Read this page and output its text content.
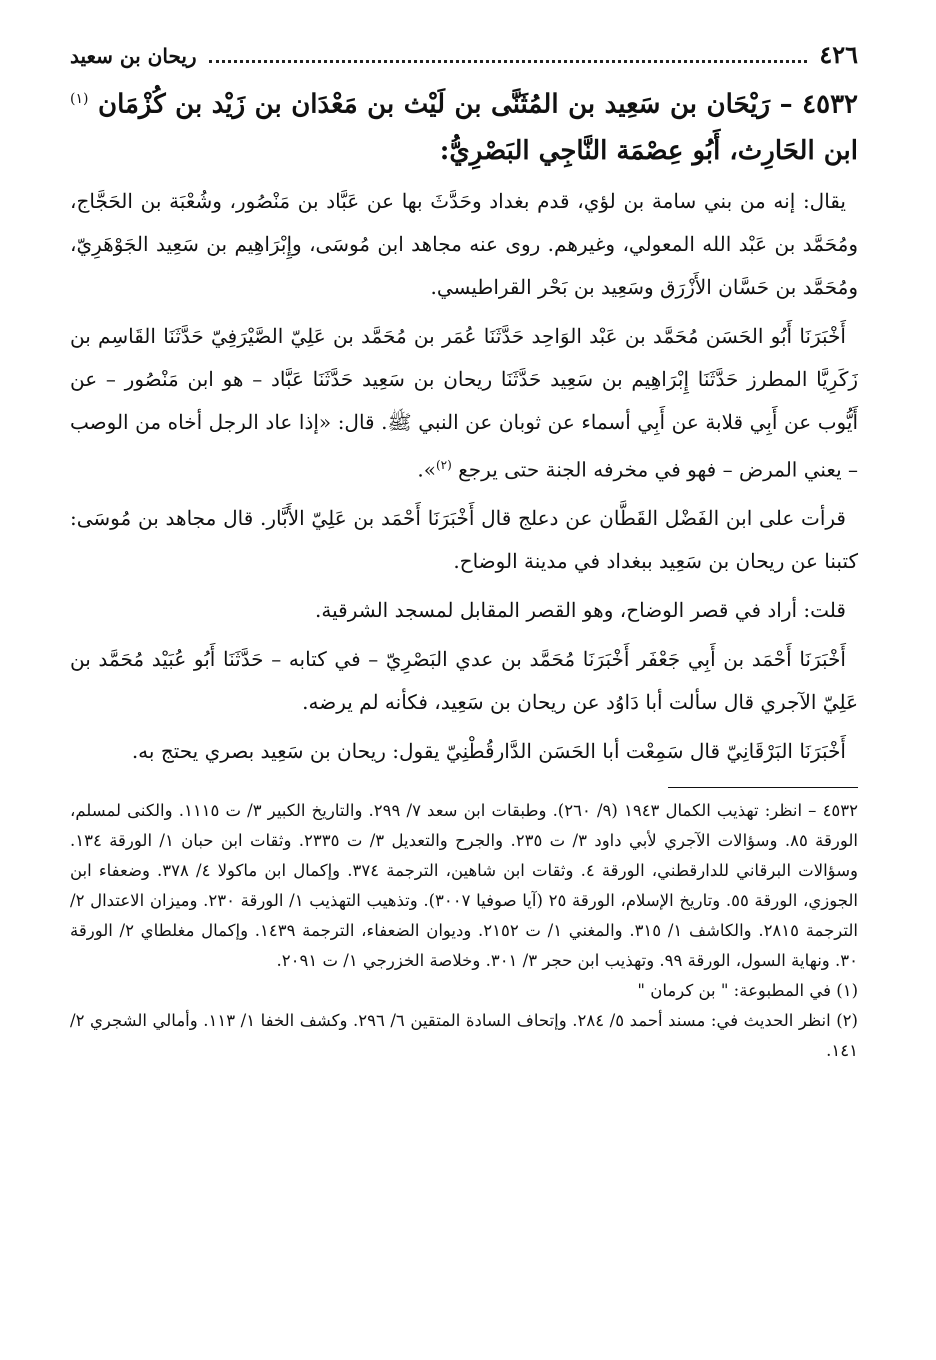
٤٢٦
ريحان بن سعيد
٤٥٣٢ – رَيْحَان بن سَعِيد بن المُثَنَّى بن لَيْث بن مَعْدَان بن زَيْد بن كُزْمَان $^{(١)}$ ابن الحَارِث، أَبُو عِصْمَة النَّاجِي البَصْرِيُّ:

يقال: إنه من بني سامة بن لؤي، قدم بغداد وحَدَّثَ بها عن عَبَّاد بن مَنْصُور، وشُعْبَة بن الحَجَّاج، ومُحَمَّد بن عَبْد الله المعولي، وغيرهم. روى عنه مجاهد ابن مُوسَى، وإِبْرَاهِيم بن سَعِيد الجَوْهَرِيّ، ومُحَمَّد بن حَسَّان الأَزْرَق وسَعِيد بن بَحْر القراطيسي.

أَخْبَرَنَا أَبُو الحَسَن مُحَمَّد بن عَبْد الوَاحِد حَدَّثَنَا عُمَر بن مُحَمَّد بن عَلِيّ الصَّيْرَفِيّ حَدَّثَنَا القَاسِم بن زَكَرِيَّا المطرز حَدَّثَنَا إِبْرَاهِيم بن سَعِيد حَدَّثَنَا ريحان بن سَعِيد حَدَّثَنَا عَبَّاد – هو ابن مَنْصُور – عن أَيُّوب عن أَبِي قلابة عن أَبِي أسماء عن ثوبان عن النبي ﷺ. قال: «إذا عاد الرجل أخاه من الوصب – يعني المرض – فهو في مخرفه الجنة حتى يرجع $^{(٢)}$».

قرأت على ابن الفَضْل القَطَّان عن دعلج قال أَخْبَرَنَا أَحْمَد بن عَلِيّ الأَبَّار. قال مجاهد بن مُوسَى: كتبنا عن ريحان بن سَعِيد ببغداد في مدينة الوضاح.

قلت: أراد في قصر الوضاح، وهو القصر المقابل لمسجد الشرقية.

أَخْبَرَنَا أَحْمَد بن أَبِي جَعْفَر أَخْبَرَنَا مُحَمَّد بن عدي البَصْرِيّ – في كتابه – حَدَّثَنَا أَبُو عُبَيْد مُحَمَّد بن عَلِيّ الآجري قال سألت أبا دَاوُد عن ريحان بن سَعِيد، فكأنه لم يرضه.

أَخْبَرَنَا البَرْقَانِيّ قال سَمِعْت أبا الحَسَن الدَّارقُطْنِيّ يقول: ريحان بن سَعِيد بصري يحتج به.

٤٥٣٢ – انظر: تهذيب الكمال ١٩٤٣ (٩/ ٢٦٠). وطبقات ابن سعد ٧/ ٢٩٩. والتاريخ الكبير ٣/ ت ١١١٥. والكنى لمسلم، الورقة ٨٥. وسؤالات الآجري لأبي داود ٣/ ت ٢٣٥. والجرح والتعديل ٣/ ت ٢٣٣٥. وثقات ابن حبان ١/ الورقة ١٣٤. وسؤالات البرقاني للدارقطني، الورقة ٤. وثقات ابن شاهين، الترجمة ٣٧٤. وإكمال ابن ماكولا ٤/ ٣٧٨. وضعفاء ابن الجوزي، الورقة ٥٥. وتاريخ الإسلام، الورقة ٢٥ (آيا صوفيا ٣٠٠٧). وتذهيب التهذيب ١/ الورقة ٢٣٠. وميزان الاعتدال ٢/ الترجمة ٢٨١٥. والكاشف ١/ ٣١٥. والمغني ١/ ت ٢١٥٢. وديوان الضعفاء، الترجمة ١٤٣٩. وإكمال مغلطاي ٢/ الورقة ٣٠. ونهاية السول، الورقة ٩٩. وتهذيب ابن حجر ٣/ ٣٠١. وخلاصة الخزرجي ١/ ت ٢٠٩١.

(١) في المطبوعة: " بن كرمان "

(٢) انظر الحديث في: مسند أحمد ٥/ ٢٨٤. وإتحاف السادة المتقين ٦/ ٢٩٦. وكشف الخفا ١/ ١١٣. وأمالي الشجري ٢/ ١٤١.
